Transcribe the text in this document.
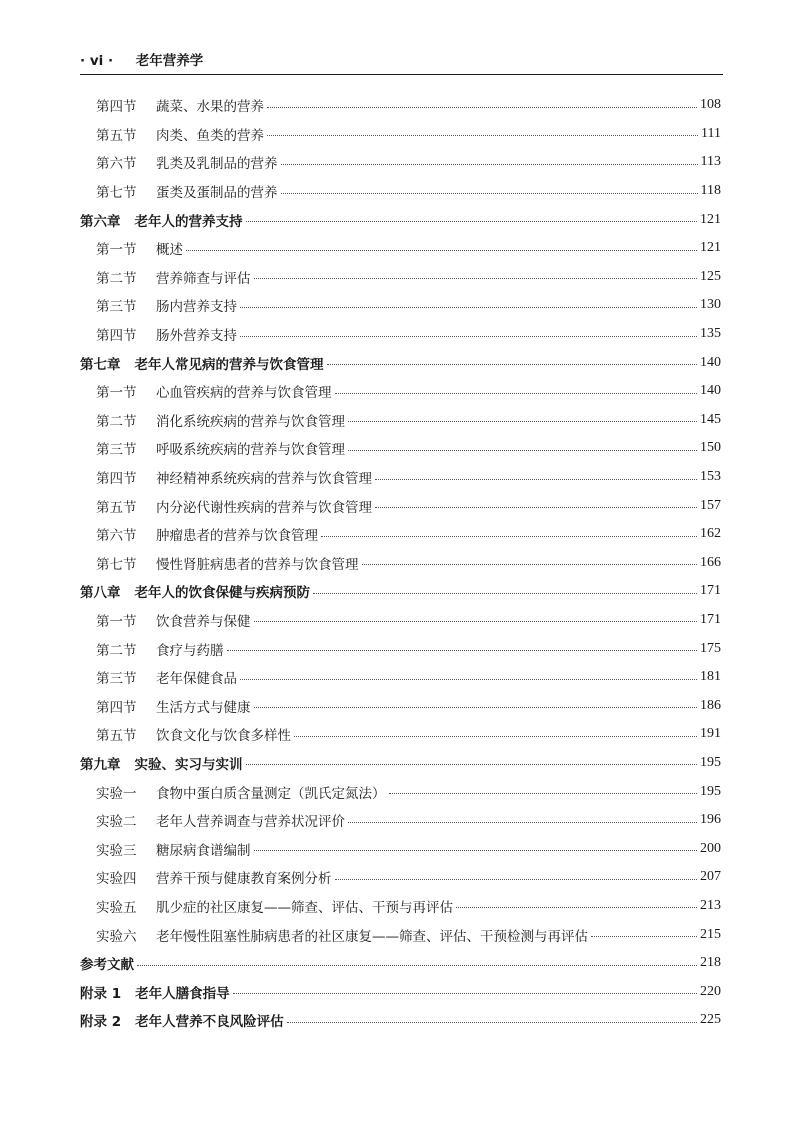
· vi · 老年营养学
第四节	蔬菜、水果的营养	108
第五节	肉类、鱼类的营养	111
第六节	乳类及乳制品的营养	113
第七节	蛋类及蛋制品的营养	118
第六章 老年人的营养支持	121
第一节	概述	121
第二节	营养筛查与评估	125
第三节	肠内营养支持	130
第四节	肠外营养支持	135
第七章 老年人常见病的营养与饮食管理	140
第一节	心血管疾病的营养与饮食管理	140
第二节	消化系统疾病的营养与饮食管理	145
第三节	呼吸系统疾病的营养与饮食管理	150
第四节	神经精神系统疾病的营养与饮食管理	153
第五节	内分泌代谢性疾病的营养与饮食管理	157
第六节	肿瘤患者的营养与饮食管理	162
第七节	慢性肾脏病患者的营养与饮食管理	166
第八章 老年人的饮食保健与疾病预防	171
第一节	饮食营养与保健	171
第二节	食疗与药膳	175
第三节	老年保健食品	181
第四节	生活方式与健康	186
第五节	饮食文化与饮食多样性	191
第九章 实验、实习与实训	195
实验一	食物中蛋白质含量测定（凯氏定氮法）	195
实验二	老年人营养调查与营养状况评价	196
实验三	糖尿病食谱编制	200
实验四	营养干预与健康教育案例分析	207
实验五	肌少症的社区康复——筛查、评估、干预与再评估	213
实验六	老年慢性阻塞性肺病患者的社区康复——筛查、评估、干预检测与再评估	215
参考文献	218
附录 1 老年人膳食指导	220
附录 2 老年人营养不良风险评估	225
